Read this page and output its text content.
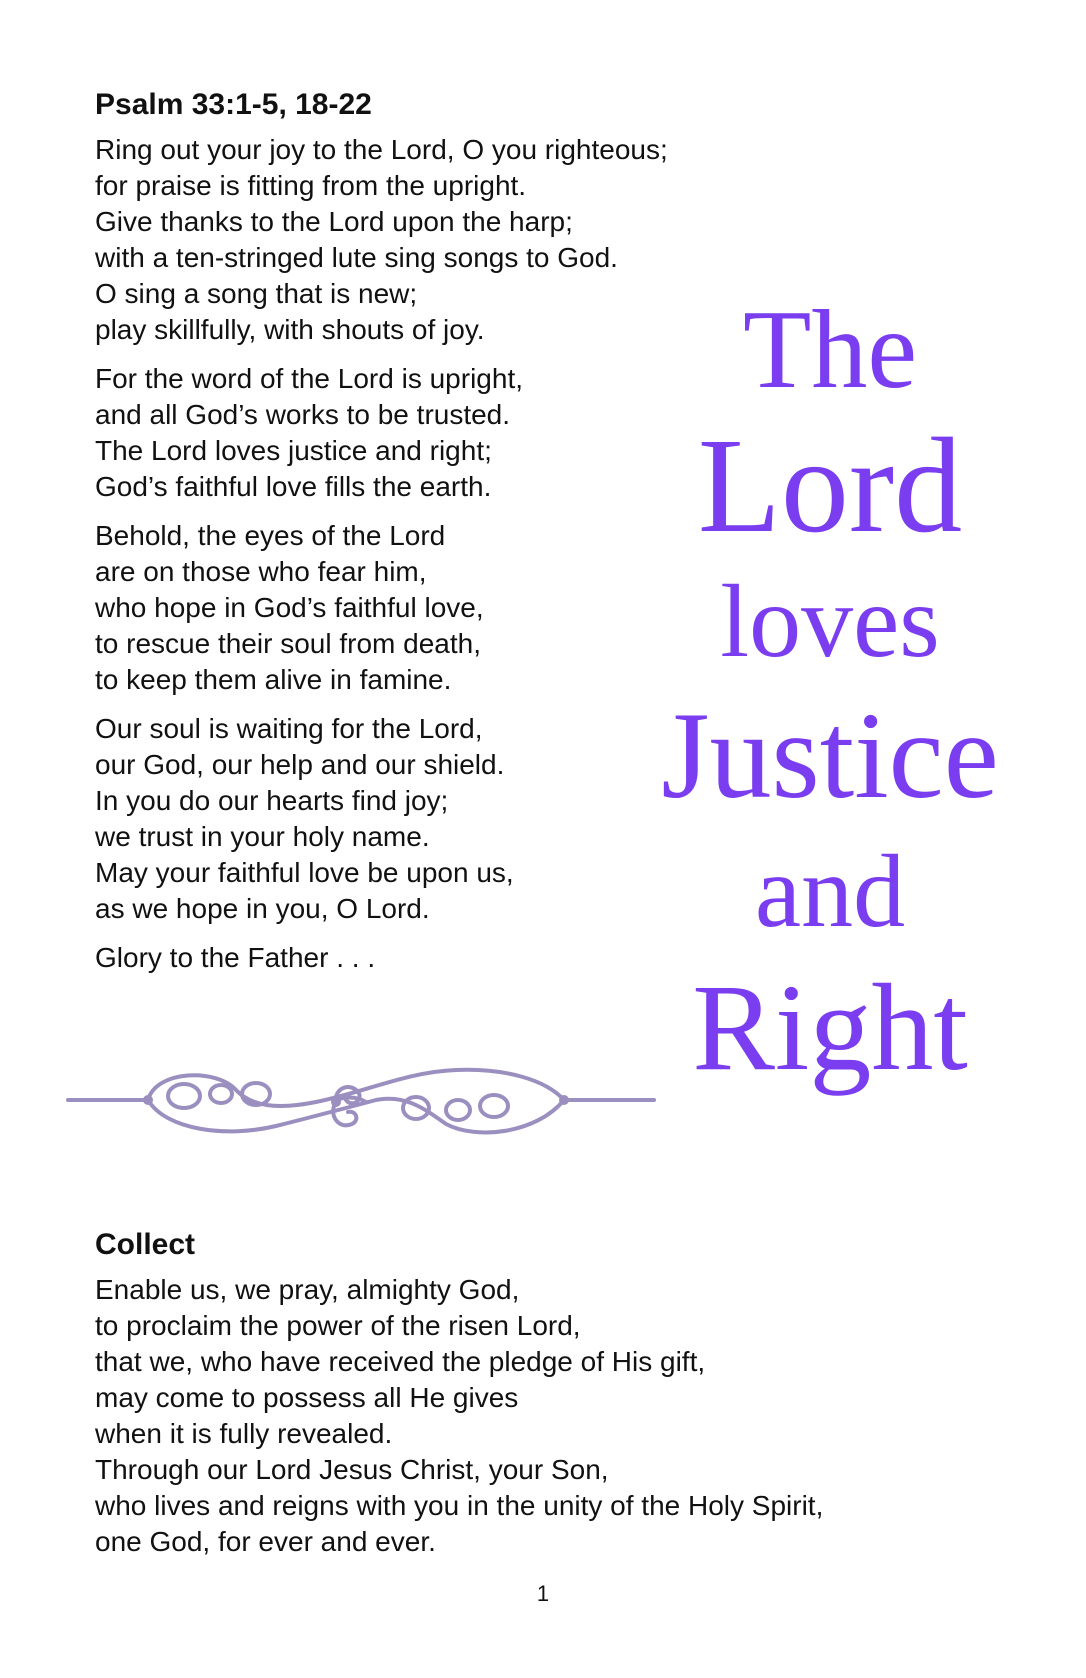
Psalm 33:1-5, 18-22
Ring out your joy to the Lord, O you righteous;
for praise is fitting from the upright.
Give thanks to the Lord upon the harp;
with a ten-stringed lute sing songs to God.
O sing a song that is new;
play skillfully, with shouts of joy.
For the word of the Lord is upright,
and all God’s works to be trusted.
The Lord loves justice and right;
God’s faithful love fills the earth.
Behold, the eyes of the Lord
are on those who fear him,
who hope in God’s faithful love,
to rescue their soul from death,
to keep them alive in famine.
Our soul is waiting for the Lord,
our God, our help and our shield.
In you do our hearts find joy;
we trust in your holy name.
May your faithful love be upon us,
as we hope in you, O Lord.
Glory to the Father . . .
The
Lord
loves
Justice
and
Right
Collect
Enable us, we pray, almighty God,
to proclaim the power of the risen Lord,
that we, who have received the pledge of His gift,
may come to possess all He gives
when it is fully revealed.
Through our Lord Jesus Christ, your Son,
who lives and reigns with you in the unity of the Holy Spirit,
one God, for ever and ever.
1
